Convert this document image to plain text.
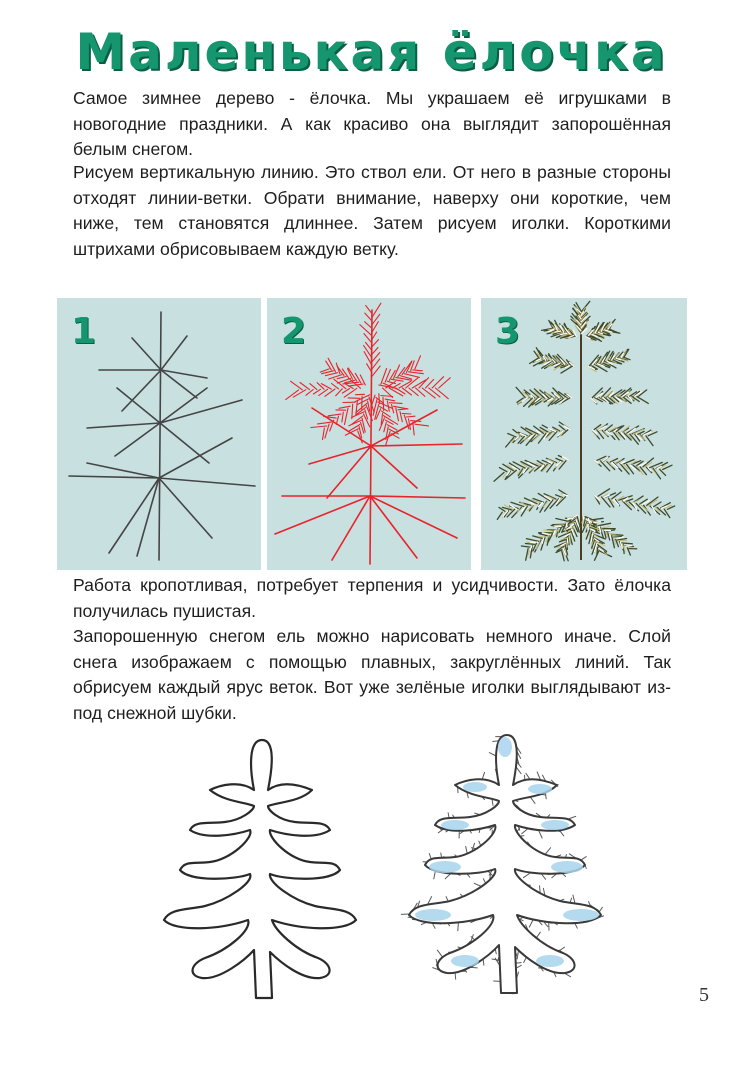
Маленькая ёлочка

Самое зимнее дерево - ёлочка. Мы украшаем её игрушками в новогодние праздники. А как красиво она выглядит запорошённая белым снегом.

Рисуем вертикальную линию. Это ствол ели. От него в разные стороны отходят линии-ветки. Обрати внимание, наверху они короткие, чем ниже, тем становятся длиннее. Затем рисуем иголки. Короткими штрихами обрисовываем каждую ветку.

1	2	3

Работа кропотливая, потребует терпения и усидчивости. Зато ёлочка получилась пушистая.

Запорошенную снегом ель можно нарисовать немного иначе. Слой снега изображаем с помощью плавных, закруглённых линий. Так обрисуем каждый ярус веток. Вот уже зелёные иголки выглядывают из-под снежной шубки.

5
